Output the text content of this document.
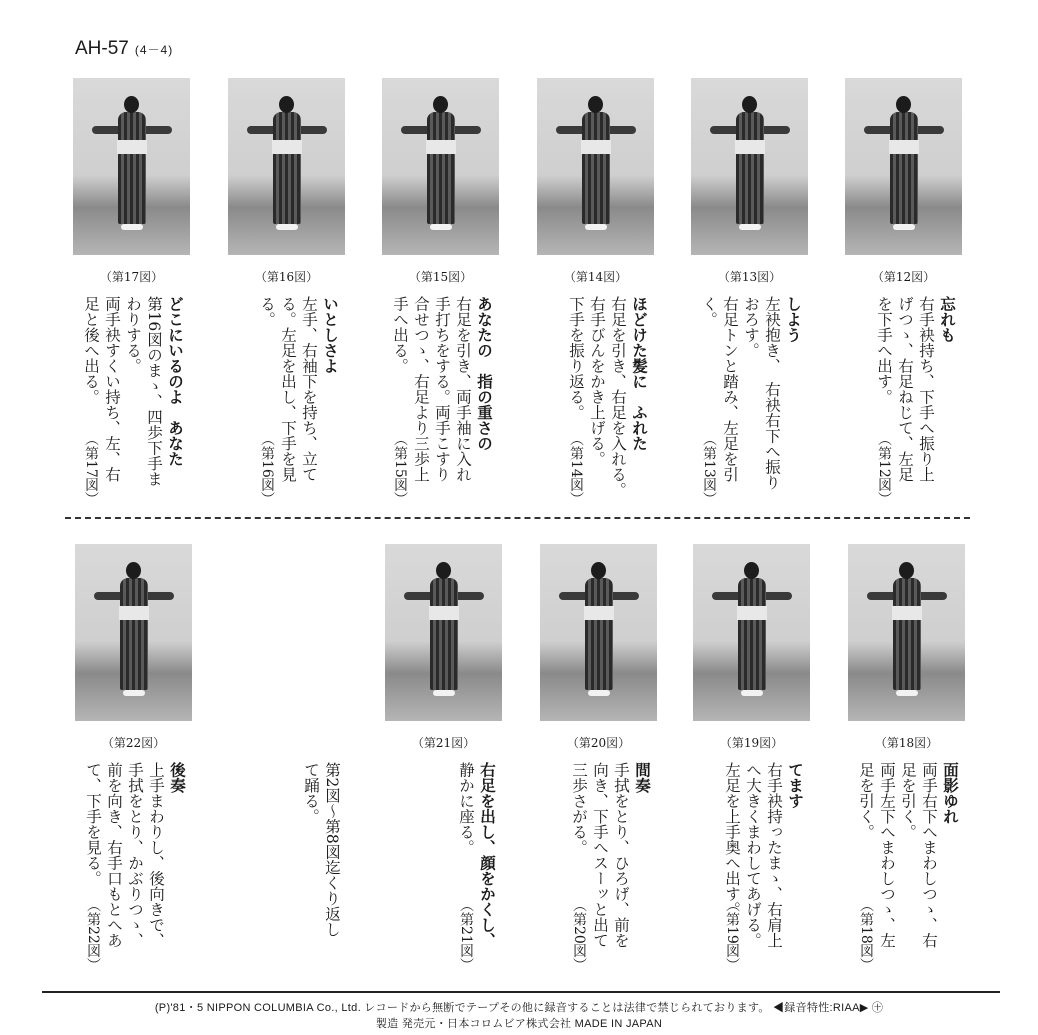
AH-57 (4－4)
（第17図）
どこにいるのよ　あなた
第16図のまゝ、四歩下手ま
わりする。
両手袂すくい持ち、左、右
足と後へ出る。
（第17図）
（第16図）
いとしさよ
左手、右袖下を持ち、立て
る。左足を出し、下手を見
る。
（第16図）
（第15図）
あなたの　指の重さの
右足を引き、両手袖に入れ
手打ちをする。両手こすり
合せつゝ、右足より三歩上
手へ出る。
（第15図）
（第14図）
ほどけた髪に　ふれた
右足を引き、右足を入れる。
右手びんをかき上げる。
下手を振り返る。
（第14図）
（第13図）
しよう
左袂抱き、　右袂右下へ振り
おろす。
右足トンと踏み、左足を引
く。
（第13図）
（第12図）
忘れも
右手袂持ち、下手へ振り上
げつゝ、右足ねじて、左足
を下手へ出す。
（第12図）
（第22図）
後奏
上手まわりし、後向きで、
手拭をとり、かぶりつゝ、
前を向き、右手口もとへあ
て、下手を見る。
（第22図）	第2図～第8図迄くり返し
て踊る。
（第21図）
右足を出し、顔をかくし、
静かに座る。
（第21図）
（第20図）
間奏
手拭をとり、ひろげ、前を
向き、下手へスーッと出て
三歩さがる。
（第20図）
（第19図）
てます
右手袂持ったまゝ、右肩上
へ大きくまわしてあげる。
左足を上手奥へ出す。
（第19図）
（第18図）
面影ゆれ
両手右下へまわしつゝ、右
足を引く。
両手左下へまわしつゝ、左
足を引く。
（第18図）
(P)'81・5 NIPPON COLUMBIA Co., Ltd. レコードから無断でテープその他に録音することは法律で禁じられております。 ◀録音特性:RIAA▶ ㊉
製造 発売元・日本コロムビア株式会社 MADE IN JAPAN
